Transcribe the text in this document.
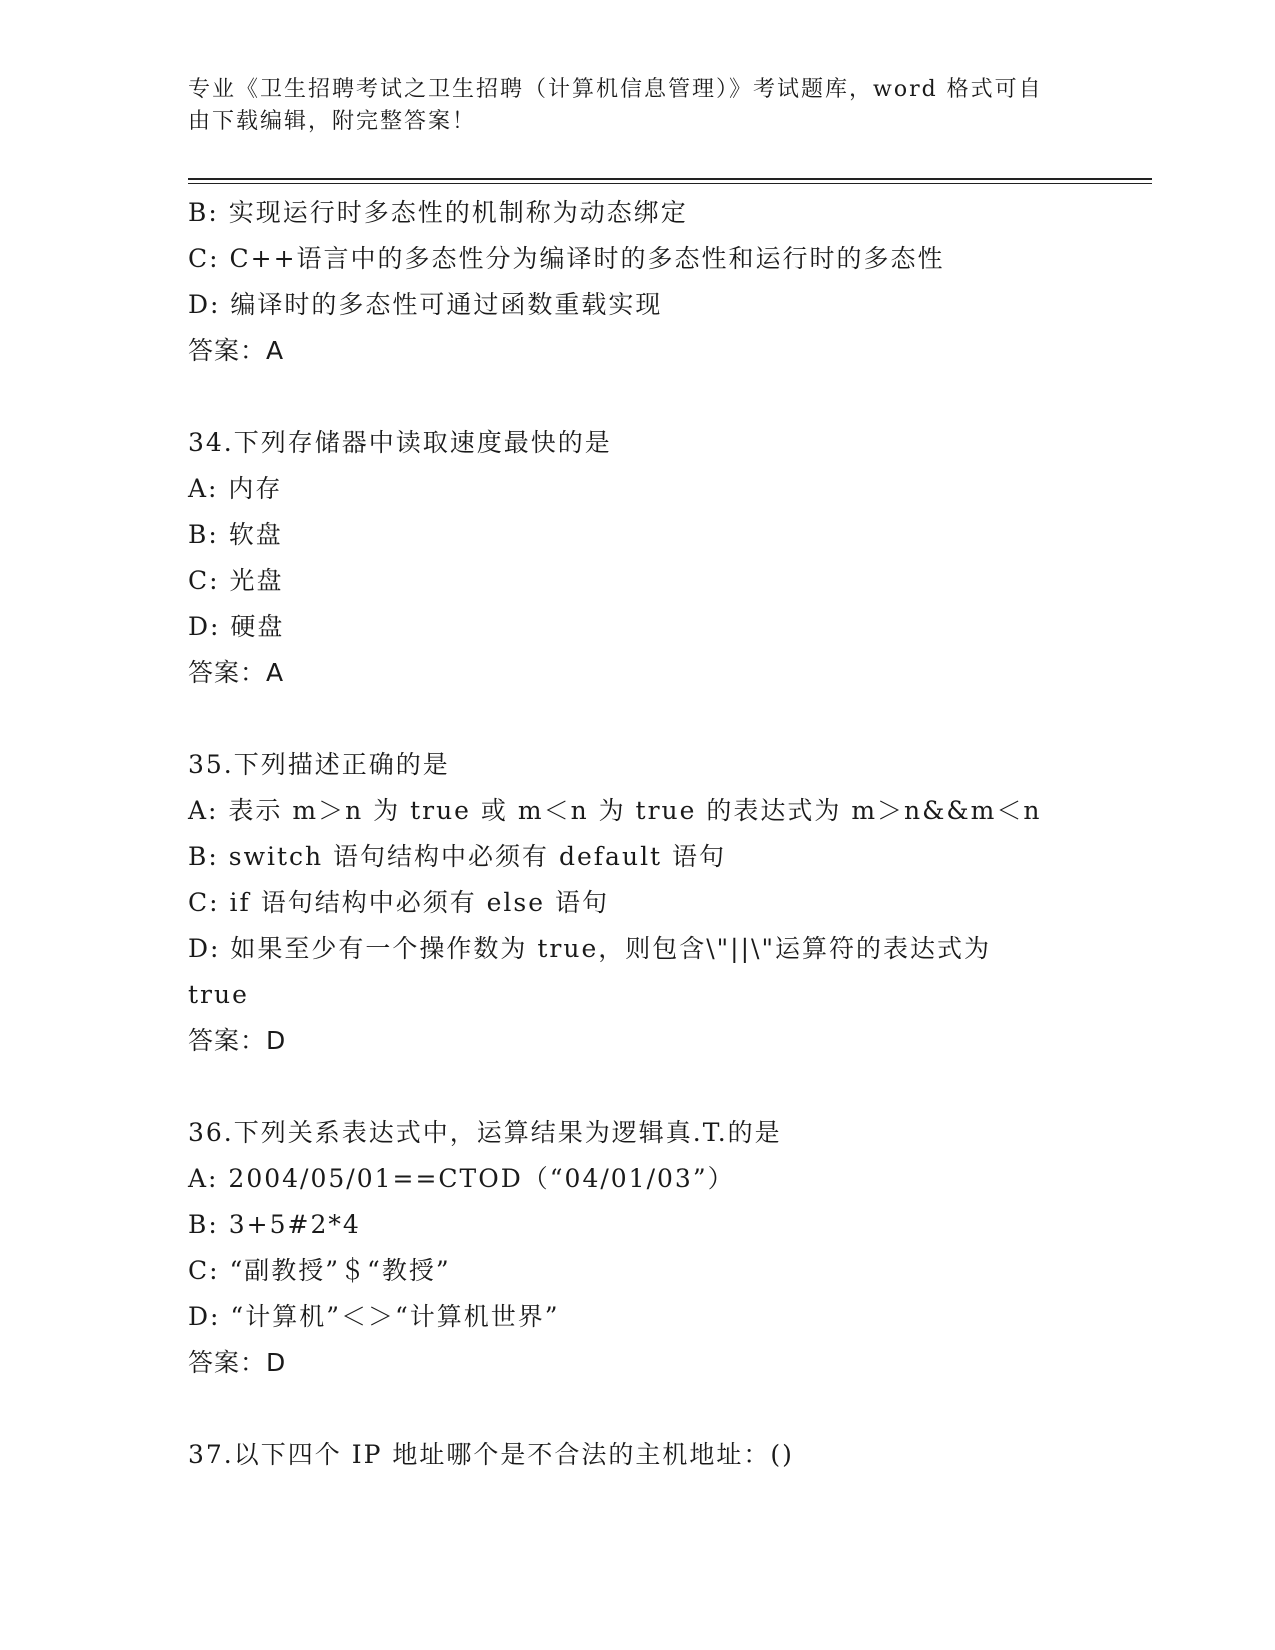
专业《卫生招聘考试之卫生招聘（计算机信息管理）》考试题库，word 格式可自
由下载编辑，附完整答案！
B: 实现运行时多态性的机制称为动态绑定
C: C++语言中的多态性分为编译时的多态性和运行时的多态性
D: 编译时的多态性可通过函数重载实现
答案：A
34.下列存储器中读取速度最快的是
A: 内存
B: 软盘
C: 光盘
D: 硬盘
答案：A
35.下列描述正确的是
A: 表示 m＞n 为 true 或 m＜n 为 true 的表达式为 m＞n&&m＜n
B: switch 语句结构中必须有 default 语句
C: if 语句结构中必须有 else 语句
D: 如果至少有一个操作数为 true，则包含\"||\"运算符的表达式为
true
答案：D
36.下列关系表达式中，运算结果为逻辑真.T.的是
A: 2004/05/01==CTOD（“04/01/03”）
B: 3+5#2*4
C: “副教授”＄“教授”
D: “计算机”＜＞“计算机世界”
答案：D
37.以下四个 IP 地址哪个是不合法的主机地址：()
